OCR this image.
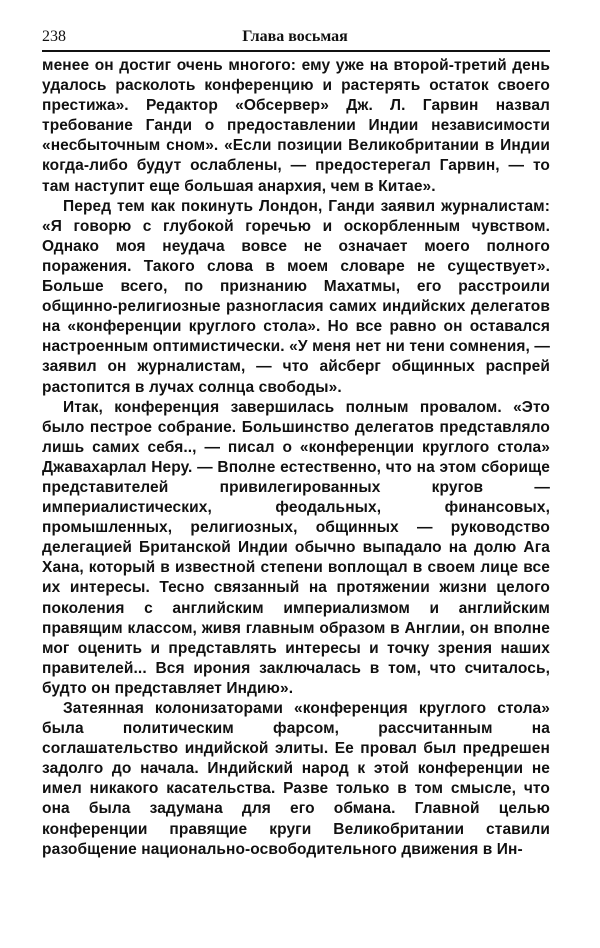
238	Глава восьмая

менее он достиг очень многого: ему уже на второй-третий день удалось расколоть конференцию и растерять остаток своего престижа». Редактор «Обсервер» Дж. Л. Гарвин назвал требование Ганди о предоставлении Индии независимости «несбыточным сном». «Если позиции Великобритании в Индии когда-либо будут ослаблены, — предостерегал Гарвин, — то там наступит еще большая анархия, чем в Китае».

Перед тем как покинуть Лондон, Ганди заявил журналистам: «Я говорю с глубокой горечью и оскорбленным чувством. Однако моя неудача вовсе не означает моего полного поражения. Такого слова в моем словаре не существует». Больше всего, по признанию Махатмы, его расстроили общинно-религиозные разногласия самих индийских делегатов на «конференции круглого стола». Но все равно он оставался настроенным оптимистически. «У меня нет ни тени сомнения, — заявил он журналистам, — что айсберг общинных распрей растопится в лучах солнца свободы».

Итак, конференция завершилась полным провалом. «Это было пестрое собрание. Большинство делегатов представляло лишь самих себя.., — писал о «конференции круглого стола» Джавахарлал Неру. — Вполне естественно, что на этом сборище представителей привилегированных кругов — империалистических, феодальных, финансовых, промышленных, религиозных, общинных — руководство делегацией Британской Индии обычно выпадало на долю Ага Хана, который в известной степени воплощал в своем лице все их интересы. Тесно связанный на протяжении жизни целого поколения с английским империализмом и английским правящим классом, живя главным образом в Англии, он вполне мог оценить и представлять интересы и точку зрения наших правителей... Вся ирония заключалась в том, что считалось, будто он представляет Индию».

Затеянная колонизаторами «конференция круглого стола» была политическим фарсом, рассчитанным на соглашательство индийской элиты. Ее провал был предрешен задолго до начала. Индийский народ к этой конференции не имел никакого касательства. Разве только в том смысле, что она была задумана для его обмана. Главной целью конференции правящие круги Великобритании ставили разобщение национально-освободительного движения в Ин-
